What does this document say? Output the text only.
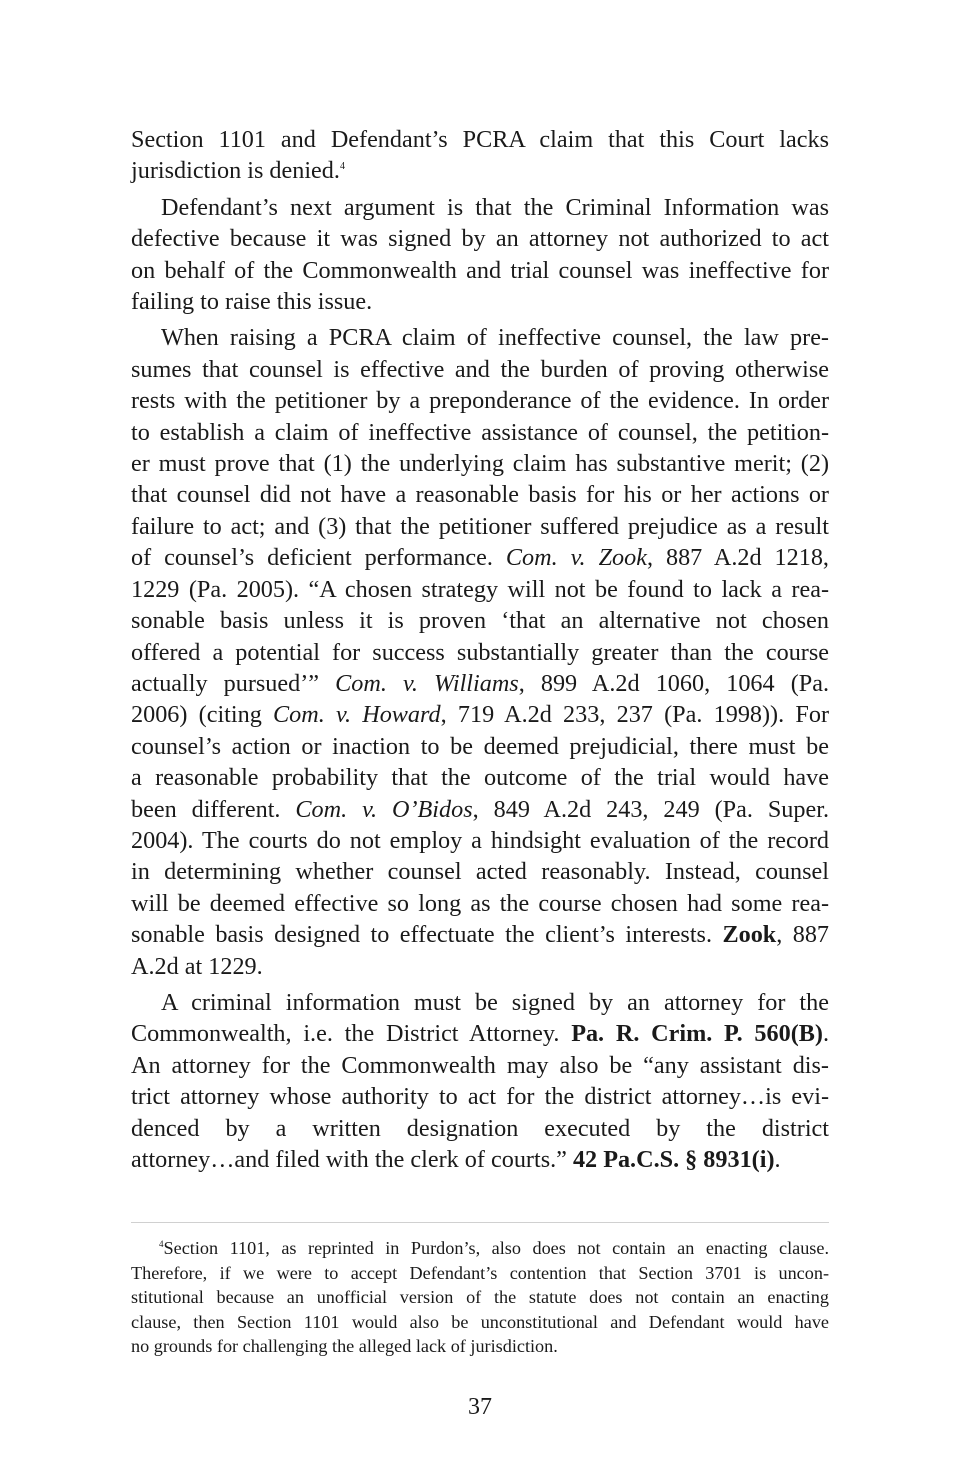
Section 1101 and Defendant’s PCRA claim that this Court lacks
jurisdiction is denied.$^4$

Defendant’s next argument is that the Criminal Information was
defective because it was signed by an attorney not authorized to act
on behalf of the Commonwealth and trial counsel was ineffective for
failing to raise this issue.

When raising a PCRA claim of ineffective counsel, the law pre-
sumes that counsel is effective and the burden of proving otherwise
rests with the petitioner by a preponderance of the evidence. In order
to establish a claim of ineffective assistance of counsel, the petition-
er must prove that (1) the underlying claim has substantive merit; (2)
that counsel did not have a reasonable basis for his or her actions or
failure to act; and (3) that the petitioner suffered prejudice as a result
of counsel’s deficient performance. Com. v. Zook, 887 A.2d 1218,
1229 (Pa. 2005). “A chosen strategy will not be found to lack a rea-
sonable basis unless it is proven ‘that an alternative not chosen
offered a potential for success substantially greater than the course
actually pursued’” Com. v. Williams, 899 A.2d 1060, 1064 (Pa.
2006) (citing Com. v. Howard, 719 A.2d 233, 237 (Pa. 1998)). For
counsel’s action or inaction to be deemed prejudicial, there must be
a reasonable probability that the outcome of the trial would have
been different. Com. v. O’Bidos, 849 A.2d 243, 249 (Pa. Super.
2004). The courts do not employ a hindsight evaluation of the record
in determining whether counsel acted reasonably. Instead, counsel
will be deemed effective so long as the course chosen had some rea-
sonable basis designed to effectuate the client’s interests. Zook, 887
A.2d at 1229.

A criminal information must be signed by an attorney for the
Commonwealth, i.e. the District Attorney. Pa. R. Crim. P. 560(B).
An attorney for the Commonwealth may also be “any assistant dis-
trict attorney whose authority to act for the district attorney…is evi-
denced by a written designation executed by the district
attorney…and filed with the clerk of courts.” 42 Pa.C.S. § 8931(i).

$^4$Section 1101, as reprinted in Purdon’s, also does not contain an enacting clause.
Therefore, if we were to accept Defendant’s contention that Section 3701 is uncon-
stitutional because an unofficial version of the statute does not contain an enacting
clause, then Section 1101 would also be unconstitutional and Defendant would have
no grounds for challenging the alleged lack of jurisdiction.
37
